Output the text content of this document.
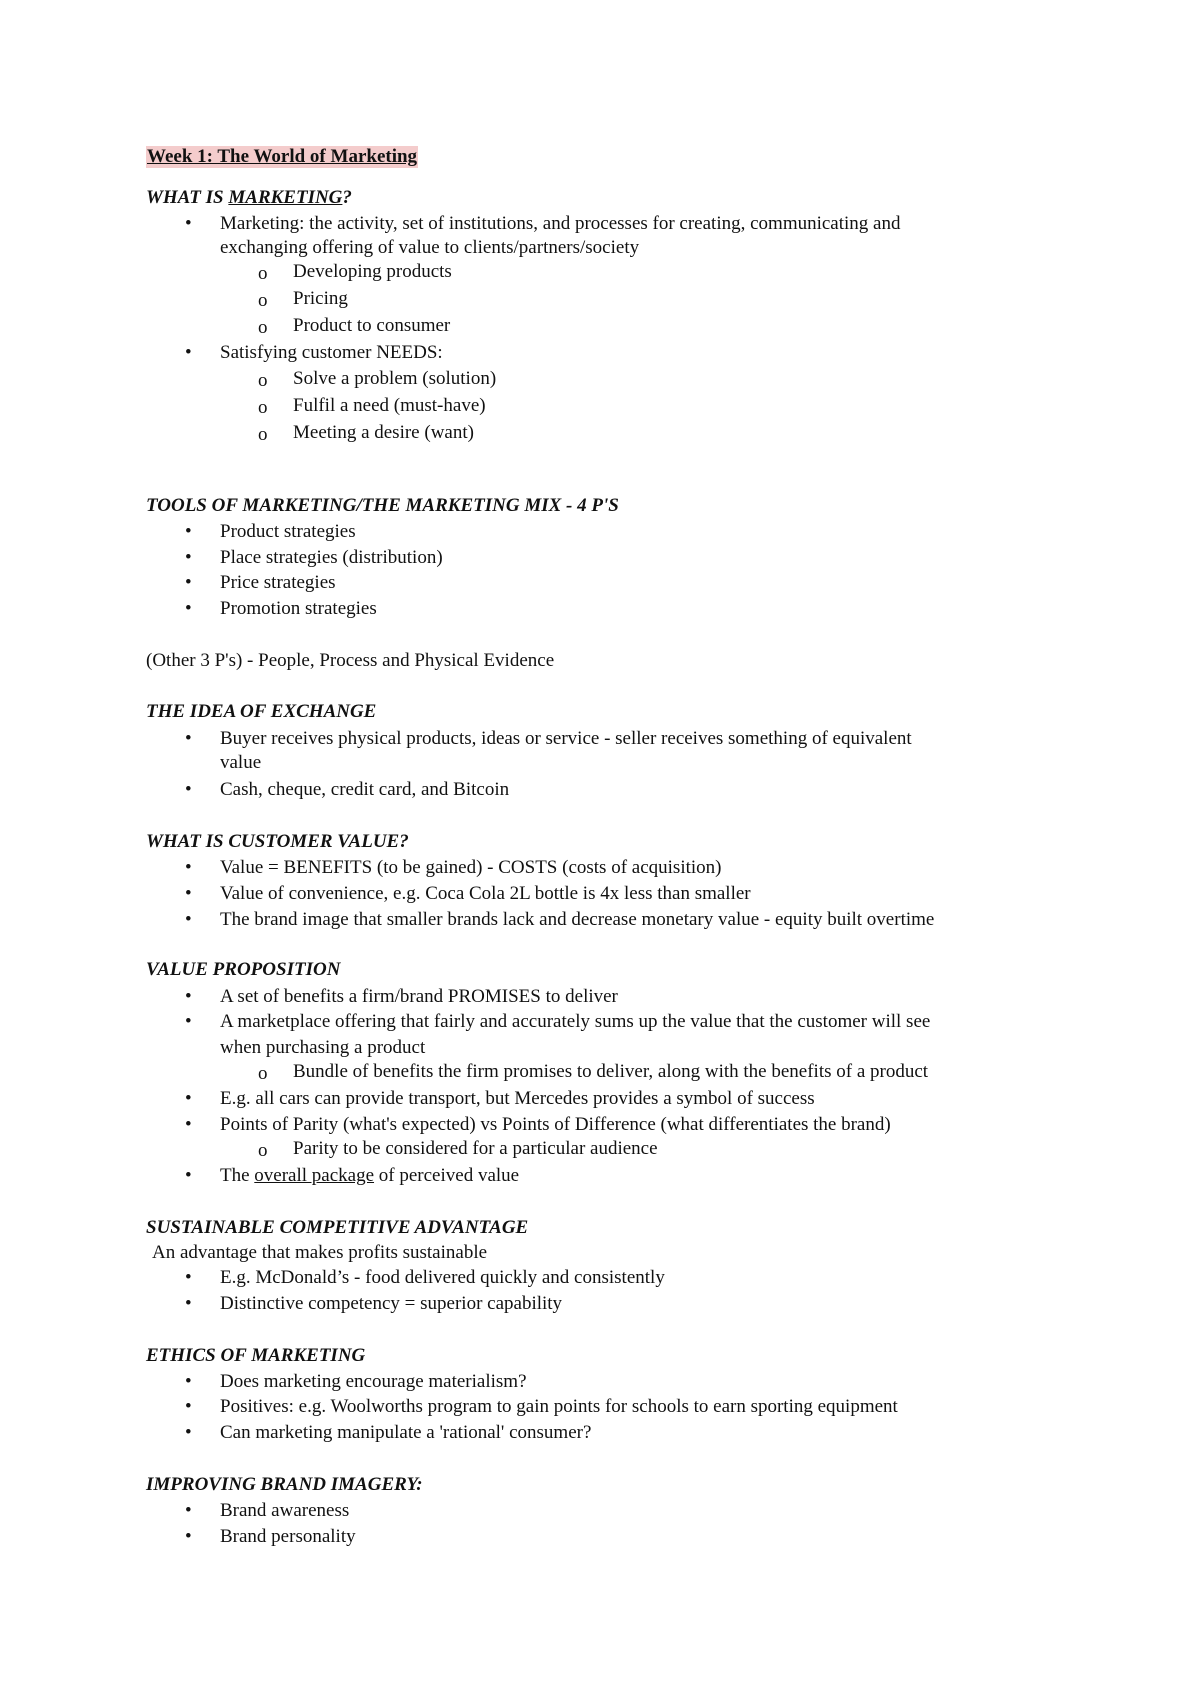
Week 1: The World of Marketing
WHAT IS MARKETING?
• Marketing: the activity, set of institutions, and processes for creating, communicating and
exchanging offering of value to clients/partners/society
o Developing products
o Pricing
o Product to consumer
• Satisfying customer NEEDS:
o Solve a problem (solution)
o Fulfil a need (must-have)
o Meeting a desire (want)
TOOLS OF MARKETING/THE MARKETING MIX - 4 P'S
• Product strategies
• Place strategies (distribution)
• Price strategies
• Promotion strategies
(Other 3 P's) - People, Process and Physical Evidence
THE IDEA OF EXCHANGE
• Buyer receives physical products, ideas or service - seller receives something of equivalent
value
• Cash, cheque, credit card, and Bitcoin
WHAT IS CUSTOMER VALUE?
• Value = BENEFITS (to be gained) - COSTS (costs of acquisition)
• Value of convenience, e.g. Coca Cola 2L bottle is 4x less than smaller
• The brand image that smaller brands lack and decrease monetary value - equity built overtime
VALUE PROPOSITION
• A set of benefits a firm/brand PROMISES to deliver
• A marketplace offering that fairly and accurately sums up the value that the customer will see
when purchasing a product
o Bundle of benefits the firm promises to deliver, along with the benefits of a product
• E.g. all cars can provide transport, but Mercedes provides a symbol of success
• Points of Parity (what's expected) vs Points of Difference (what differentiates the brand)
o Parity to be considered for a particular audience
• The overall package of perceived value
SUSTAINABLE COMPETITIVE ADVANTAGE
An advantage that makes profits sustainable
• E.g. McDonald’s - food delivered quickly and consistently
• Distinctive competency = superior capability
ETHICS OF MARKETING
• Does marketing encourage materialism?
• Positives: e.g. Woolworths program to gain points for schools to earn sporting equipment
• Can marketing manipulate a 'rational' consumer?
IMPROVING BRAND IMAGERY:
• Brand awareness
• Brand personality
